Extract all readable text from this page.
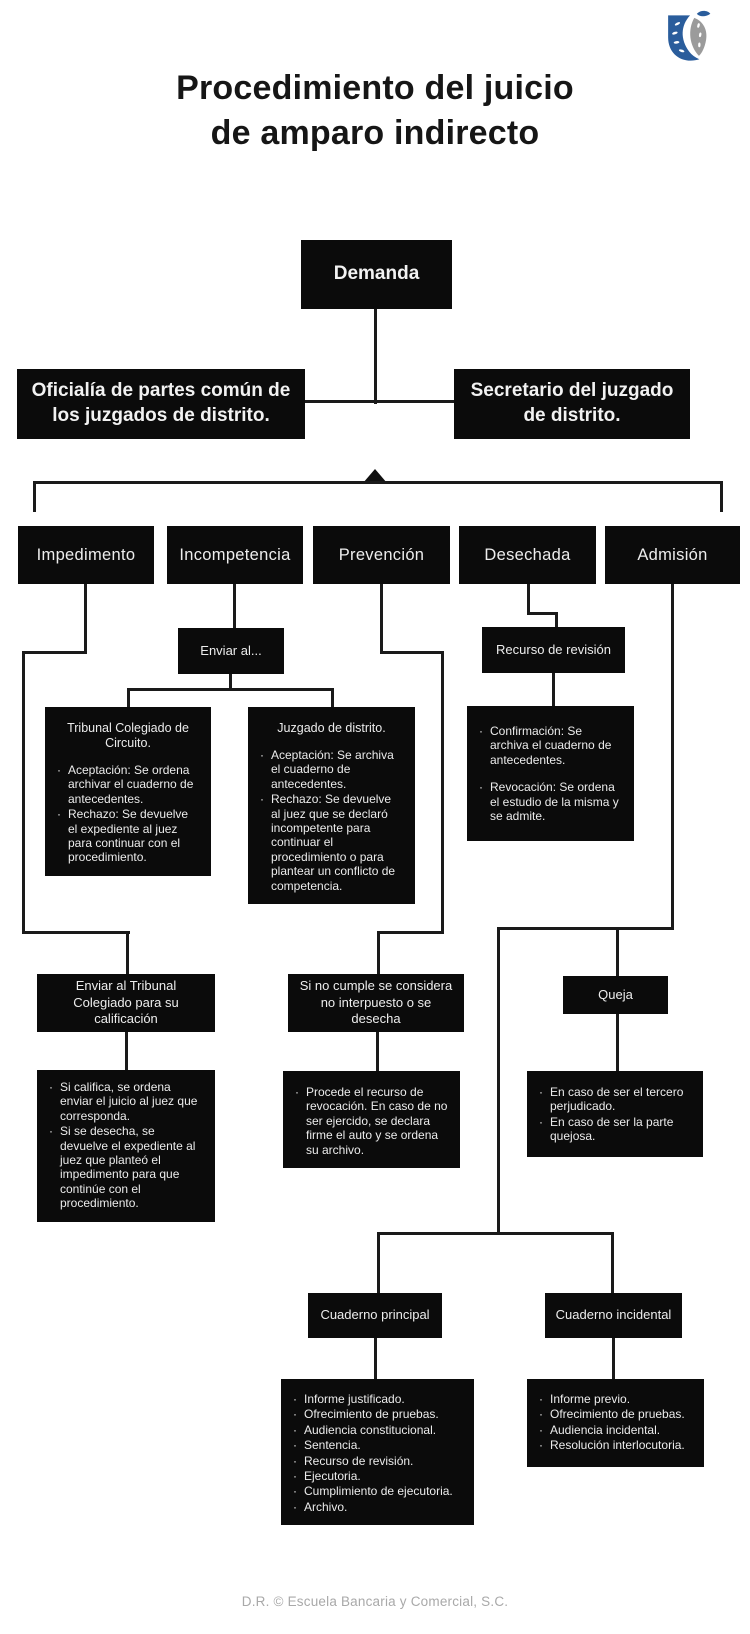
Procedimiento del juicio
de amparo indirecto
Demanda
Oficialía de partes común de los juzgados de distrito.
Secretario del juzgado de distrito.
Impedimento	Incompetencia	Prevención	Desechada	Admisión
Enviar al...	Recurso de revisión
Tribunal Colegiado de Circuito.
· Aceptación: Se ordena archivar el cuaderno de antecedentes.
· Rechazo: Se devuelve el expediente al juez para continuar con el procedimiento.
Juzgado de distrito.
· Aceptación: Se archiva el cuaderno de antecedentes.
· Rechazo: Se devuelve al juez que se declaró incompetente para continuar el procedimiento o para plantear un conflicto de competencia.
· Confirmación: Se archiva el cuaderno de antecedentes.
· Revocación: Se ordena el estudio de la misma y se admite.
Enviar al Tribunal Colegiado para su calificación
Si no cumple se considera no interpuesto o se desecha
Queja
· Si califica, se ordena enviar el juicio al juez que corresponda.
· Si se desecha, se devuelve el expediente al juez que planteó el impedimento para que continúe con el procedimiento.
· Procede el recurso de revocación. En caso de no ser ejercido, se declara firme el auto y se ordena su archivo.
· En caso de ser el tercero perjudicado.
· En caso de ser la parte quejosa.
Cuaderno principal	Cuaderno incidental
· Informe justificado.
· Ofrecimiento de pruebas.
· Audiencia constitucional.
· Sentencia.
· Recurso de revisión.
· Ejecutoria.
· Cumplimiento de ejecutoria.
· Archivo.
· Informe previo.
· Ofrecimiento de pruebas.
· Audiencia incidental.
· Resolución interlocutoria.
D.R. © Escuela Bancaria y Comercial, S.C.
